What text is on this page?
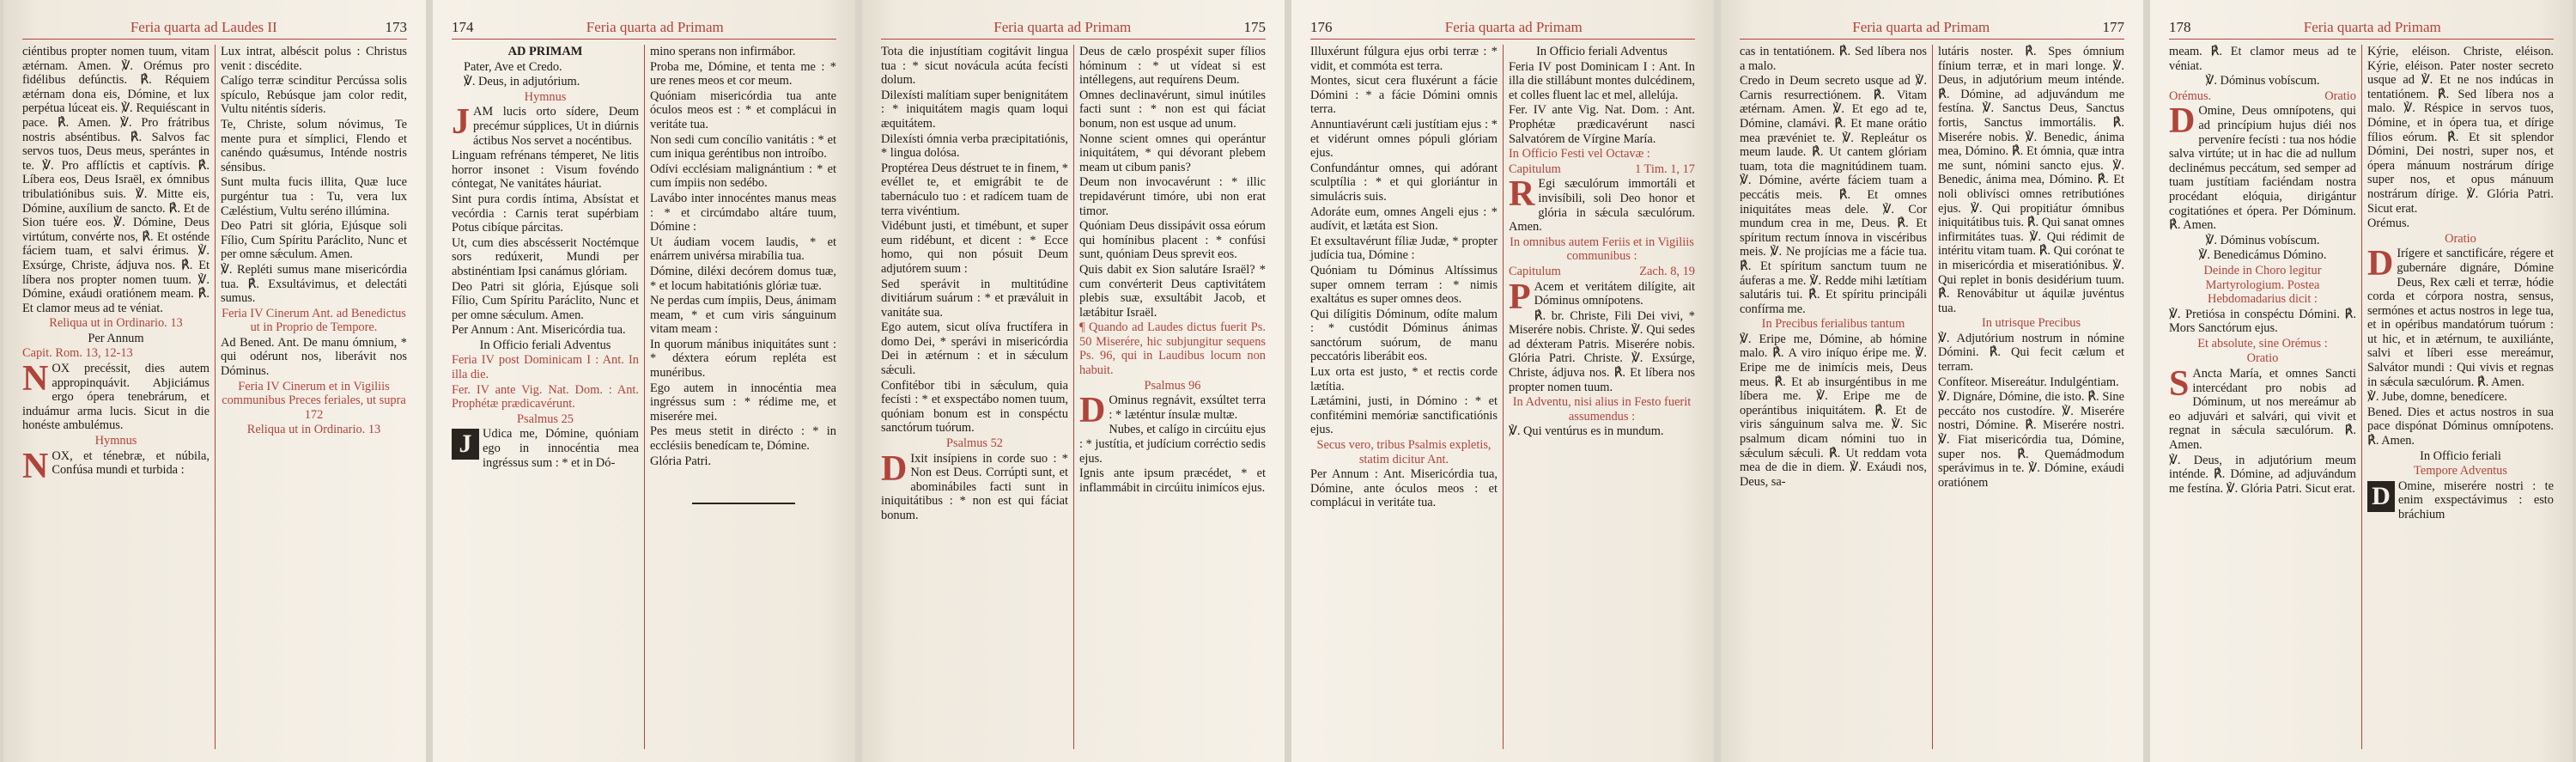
Feria quarta ad Laudes II	173

ciéntibus propter nomen tuum, vitam ætérnam. Amen. ℣. Orémus pro fidélibus defúnctis. ℟. Réquiem ætérnam dona eis, Dómine, et lux perpétua lúceat eis. ℣. Requiéscant in pace. ℟. Amen. ℣. Pro frátribus nostris abséntibus. ℟. Salvos fac servos tuos, Deus meus, sperántes in te. ℣. Pro afflíctis et captívis. ℟. Líbera eos, Deus Israël, ex ómnibus tribulatiónibus suis. ℣. Mitte eis, Dómine, auxílium de sancto. ℟. Et de Sion tuére eos. ℣. Dómine, Deus virtútum, convérte nos, ℟. Et osténde fáciem tuam, et salvi érimus. ℣. Exsúrge, Christe, ádjuva nos. ℟. Et líbera nos propter nomen tuum. ℣. Dómine, exáudi oratiónem meam. ℟. Et clamor meus ad te véniat.

Reliqua ut in Ordinario. 13

Per Annum

Capit. Rom. 13, 12-13

NOX precéssit, dies autem appropinquávit. Abjiciámus ergo ópera tenebrárum, et induámur arma lucis. Sicut in die honéste ambulémus.

Hymnus

NOX, et ténebræ, et núbila, Confúsa mundi et turbida :

Lux intrat, albéscit polus : Christus venit : discédite.

Calígo terræ scinditur Percússa solis spículo, Rebúsque jam color redit, Vultu niténtis síderis.

Te, Christe, solum nóvimus, Te mente pura et símplici, Flendo et canéndo quǽsumus, Inténde nostris sénsibus.

Sunt multa fucis illita, Quæ luce purgéntur tua : Tu, vera lux Cæléstium, Vultu seréno illúmina.

Deo Patri sit glória, Ejúsque soli Fílio, Cum Spíritu Paráclito, Nunc et per omne sǽculum. Amen.

℣. Repléti sumus mane misericórdia tua. ℟. Exsultávimus, et delectáti sumus.

Feria IV Cinerum Ant. ad Benedictus ut in Proprio de Tempore.

Ad Bened. Ant. De manu ómnium, * qui odérunt nos, liberávit nos Dóminus.

Feria IV Cinerum et in Vigiliis communibus Preces feriales, ut supra 172

Reliqua ut in Ordinario. 13

174	Feria quarta ad Primam

AD PRIMAM

Pater, Ave et Credo.

℣. Deus, in adjutórium.

Hymnus

JAM lucis orto sídere, Deum precémur súpplices, Ut in diúrnis áctibus Nos servet a nocéntibus.

Linguam refrénans témperet, Ne litis horror insonet : Visum fovéndo cóntegat, Ne vanitátes háuriat.

Sint pura cordis íntima, Absístat et vecórdia : Carnis terat supérbiam Potus cibíque párcitas.

Ut, cum dies abscésserit Noctémque sors redúxerit, Mundi per abstinéntiam Ipsi canámus glóriam.

Deo Patri sit glória, Ejúsque soli Fílio, Cum Spíritu Paráclito, Nunc et per omne sǽculum. Amen.

Per Annum : Ant. Misericórdia tua.

In Officio feriali Adventus

Feria IV post Dominicam I : Ant. In illa die.

Fer. IV ante Vig. Nat. Dom. : Ant. Prophétæ prædicavérunt.

Psalmus 25

J Udica me, Dómine, quóniam ego in innocéntia mea ingréssus sum : * et in Dó-

mino sperans non infirmábor.

Proba me, Dómine, et tenta me : * ure renes meos et cor meum.

Quóniam misericórdia tua ante óculos meos est : * et complácui in veritáte tua.

Non sedi cum concílio vanitátis : * et cum iniqua geréntibus non introíbo.

Odívi ecclésiam malignántium : * et cum ímpiis non sedébo.

Lavábo inter innocéntes manus meas : * et circúmdabo altáre tuum, Dómine :

Ut áudiam vocem laudis, * et enárrem univérsa mirabília tua.

Dómine, diléxi decórem domus tuæ, * et locum habitatiónis glóriæ tuæ.

Ne perdas cum ímpiis, Deus, ánimam meam, * et cum viris sánguinum vitam meam :

In quorum mánibus iniquitátes sunt : * déxtera eórum repléta est munéribus.

Ego autem in innocéntia mea ingréssus sum : * rédime me, et miserére mei.

Pes meus stetit in dirécto : * in ecclésiis benedícam te, Dómine.

Glória Patri.

Feria quarta ad Primam	175

Tota die injustítiam cogitávit lingua tua : * sicut novácula acúta fecísti dolum.

Dilexísti malítiam super benignitátem : * iniquitátem magis quam loqui æquitátem.

Dilexísti ómnia verba præcipitatiónis, * lingua dolósa.

Proptérea Deus déstruet te in finem, * evéllet te, et emigrábit te de tabernáculo tuo : et radícem tuam de terra vivéntium.

Vidébunt justi, et timébunt, et super eum ridébunt, et dicent : * Ecce homo, qui non pósuit Deum adjutórem suum :

Sed sperávit in multitúdine divitiárum suárum : * et præváluit in vanitáte sua.

Ego autem, sicut olíva fructífera in domo Dei, * sperávi in misericórdia Dei in ætérnum : et in sǽculum sǽculi.

Confitébor tibi in sǽculum, quia fecísti : * et exspectábo nomen tuum, quóniam bonum est in conspéctu sanctórum tuórum.

Psalmus 52

D Ixit insípiens in corde suo : * Non est Deus. Corrúpti sunt, et abominábiles facti sunt in iniquitátibus : * non est qui fáciat bonum.

Deus de cælo prospéxit super fílios hóminum : * ut vídeat si est intéllegens, aut requírens Deum.

Omnes declinavérunt, simul inútiles facti sunt : * non est qui fáciat bonum, non est usque ad unum.

Nonne scient omnes qui operántur iniquitátem, * qui dévorant plebem meam ut cibum panis?

Deum non invocavérunt : * illic trepidavérunt timóre, ubi non erat timor.

Quóniam Deus dissipávit ossa eórum qui homínibus placent : * confúsi sunt, quóniam Deus sprevit eos.

Quis dabit ex Sion salutáre Israël? * cum convérterit Deus captivitátem plebis suæ, exsultábit Jacob, et lætábitur Israël.

¶ Quando ad Laudes dictus fuerit Ps. 50 Miserére, hic subjungitur sequens Ps. 96, qui in Laudibus locum non habuit.

Psalmus 96

D Ominus regnávit, exsúltet terra : * læténtur ínsulæ multæ.

Nubes, et calígo in circúitu ejus : * justítia, et judícium corréctio sedis ejus.

Ignis ante ipsum præcédet, * et inflammábit in circúitu inimícos ejus.

176	Feria quarta ad Primam

Illuxérunt fúlgura ejus orbi terræ : * vidit, et commóta est terra.

Montes, sicut cera fluxérunt a fácie Dómini : * a fácie Dómini omnis terra.

Annuntiavérunt cæli justítiam ejus : * et vidérunt omnes pópuli glóriam ejus.

Confundántur omnes, qui adórant sculptília : * et qui gloriántur in simulácris suis.

Adoráte eum, omnes Angeli ejus : * audívit, et lætáta est Sion.

Et exsultavérunt fíliæ Judæ, * propter judícia tua, Dómine :

Quóniam tu Dóminus Altíssimus super omnem terram : * nimis exaltátus es super omnes deos.

Qui dilígitis Dóminum, odíte malum : * custódit Dóminus ánimas sanctórum suórum, de manu peccatóris liberábit eos.

Lux orta est justo, * et rectis corde lætítia.

Lætámini, justi, in Dómino : * et confitémini memóriæ sanctificatiónis ejus.

Secus vero, tribus Psalmis expletis, statim dicitur Ant.

Per Annum : Ant. Misericórdia tua, Dómine, ante óculos meos : et complácui in veritáte tua.

In Officio feriali Adventus

Feria IV post Dominicam I : Ant. In illa die stillábunt montes dulcédinem, et colles fluent lac et mel, allelúja.

Fer. IV ante Vig. Nat. Dom. : Ant. Prophétæ prædicavérunt nasci Salvatórem de Vírgine María.

In Officio Festi vel Octavæ :

Capitulum	1 Tim. 1, 17

R Egi sæculórum immortáli et invisíbili, soli Deo honor et glória in sǽcula sæculórum. Amen.

In omnibus autem Feriis et in Vigiliis communibus :

Capitulum	Zach. 8, 19

P Acem et veritátem dilígite, ait Dóminus omnípotens.

℟. br. Christe, Fili Dei vivi, * Miserére nobis. Christe. ℣. Qui sedes ad déxteram Patris. Miserére nobis. Glória Patri. Christe. ℣. Exsúrge, Christe, ádjuva nos. ℟. Et líbera nos propter nomen tuum.

In Adventu, nisi alius in Festo fuerit assumendus :

℣. Qui ventúrus es in mundum.

Feria quarta ad Primam	177

cas in tentatiónem. ℟. Sed líbera nos a malo.

Credo in Deum secreto usque ad ℣. Carnis resurrectiónem. ℟. Vitam ætérnam. Amen. ℣. Et ego ad te, Dómine, clamávi. ℟. Et mane orátio mea prævéniet te. ℣. Repleátur os meum laude. ℟. Ut cantem glóriam tuam, tota die magnitúdinem tuam. ℣. Dómine, avérte fáciem tuam a peccátis meis. ℟. Et omnes iniquitátes meas dele. ℣. Cor mundum crea in me, Deus. ℟. Et spíritum rectum ínnova in viscéribus meis. ℣. Ne projícias me a fácie tua. ℟. Et spíritum sanctum tuum ne áuferas a me. ℣. Redde mihi lætítiam salutáris tui. ℟. Et spíritu principáli confírma me.

In Precibus ferialibus tantum

℣. Eripe me, Dómine, ab hómine malo. ℟. A viro iníquo éripe me. ℣. Eripe me de inimícis meis, Deus meus. ℟. Et ab insurgéntibus in me líbera me. ℣. Eripe me de operántibus iniquitátem. ℟. Et de viris sánguinum salva me. ℣. Sic psalmum dicam nómini tuo in sǽculum sǽculi. ℟. Ut reddam vota mea de die in diem. ℣. Exáudi nos, Deus, sa-

lutáris noster. ℟. Spes ómnium fínium terræ, et in mari longe. ℣. Deus, in adjutórium meum inténde. ℟. Dómine, ad adjuvándum me festína. ℣. Sanctus Deus, Sanctus fortis, Sanctus immortális. ℟. Miserére nobis. ℣. Benedic, ánima mea, Dómino. ℟. Et ómnia, quæ intra me sunt, nómini sancto ejus. ℣. Benedic, ánima mea, Dómino. ℟. Et noli oblivísci omnes retributiónes ejus. ℣. Qui propitiátur ómnibus iniquitátibus tuis. ℟. Qui sanat omnes infirmitátes tuas. ℣. Qui rédimit de intéritu vitam tuam. ℟. Qui corónat te in misericórdia et miseratiónibus. ℣. Qui replet in bonis desidérium tuum. ℟. Renovábitur ut áquilæ juvéntus tua.

In utrisque Precibus

℣. Adjutórium nostrum in nómine Dómini. ℟. Qui fecit cælum et terram.

Confíteor. Misereátur. Indulgéntiam.

℣. Dignáre, Dómine, die isto. ℟. Sine peccáto nos custodíre. ℣. Miserére nostri, Dómine. ℟. Miserére nostri. ℣. Fiat misericórdia tua, Dómine, super nos. ℟. Quemádmodum sperávimus in te. ℣. Dómine, exáudi oratiónem

178	Feria quarta ad Primam

meam. ℟. Et clamor meus ad te véniat.

℣. Dóminus vobíscum.

Orémus.	Oratio

D Omine, Deus omnípotens, qui ad princípium hujus diéi nos perveníre fecísti : tua nos hódie salva virtúte; ut in hac die ad nullum declinémus peccátum, sed semper ad tuam justítiam faciéndam nostra procédant elóquia, dirigántur cogitatiónes et ópera. Per Dóminum. ℟. Amen.

℣. Dóminus vobíscum.

℣. Benedicámus Dómino.

Deinde in Choro legitur Martyrologium. Postea Hebdomadarius dicit :

℣. Pretiósa in conspéctu Dómini. ℟. Mors Sanctórum ejus.

Et absolute, sine Orémus :

Oratio

S Ancta María, et omnes Sancti intercédant pro nobis ad Dóminum, ut nos mereámur ab eo adjuvári et salvári, qui vivit et regnat in sǽcula sæculórum. ℟. Amen.

℣. Deus, in adjutórium meum inténde. ℟. Dómine, ad adjuvándum me festína. ℣. Glória Patri. Sicut erat.

Kýrie, eléison. Christe, eléison. Kýrie, eléison. Pater noster secreto usque ad ℣. Et ne nos indúcas in tentatiónem. ℟. Sed líbera nos a malo. ℣. Réspice in servos tuos, Dómine, et in ópera tua, et dírige fílios eórum. ℟. Et sit splendor Dómini, Dei nostri, super nos, et ópera mánuum nostrárum dírige super nos, et opus mánuum nostrárum dírige. ℣. Glória Patri. Sicut erat.

Orémus.

Oratio

D Irígere et sanctificáre, régere et gubernáre dignáre, Dómine Deus, Rex cæli et terræ, hódie corda et córpora nostra, sensus, sermónes et actus nostros in lege tua, et in opéribus mandatórum tuórum : ut hic, et in ætérnum, te auxiliánte, salvi et líberi esse mereámur, Salvátor mundi : Qui vivis et regnas in sǽcula sæculórum. ℟. Amen.

℣. Jube, domne, benedícere.

Bened. Dies et actus nostros in sua pace dispónat Dóminus omnípotens. ℟. Amen.

In Officio feriali

Tempore Adventus

D Omine, miserére nostri : te enim exspectávimus : esto bráchium
